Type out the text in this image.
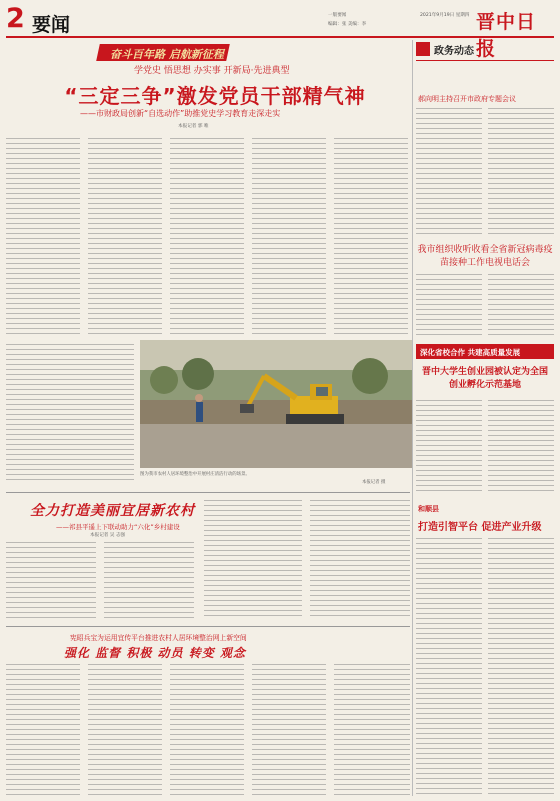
2 要闻	一版要闻
编辑：张 美编：李
2021年9月19日 星期四 晋中日报
奋斗百年路 启航新征程
学党史 悟思想 办实事 开新局·先进典型
“三定三争”激发党员干部精气神
——市财政局创新“自选动作”助推党史学习教育走深走实
本报记者 郭 唯
政务动态
郝向明主持召开市政府专题会议
我市组织收听收看全省新冠病毒疫苗接种工作电视电话会
深化省校合作 共建高质量发展
晋中大学生创业园被认定为全国创业孵化示范基地
和顺县
打造引智平台 促进产业升级
图为我市农村人居环境整治中开展村庄清洁行动的场景。
本报记者 摄
全力打造美丽宜居新农村
——祁县平遥上下联动助力“六化”乡村建设
本报记者 吴 志强
宪昭兵宝为运用宜传平台推进农村人居环境整治网上新空间
强化 监督 积极 动员 转变 观念
